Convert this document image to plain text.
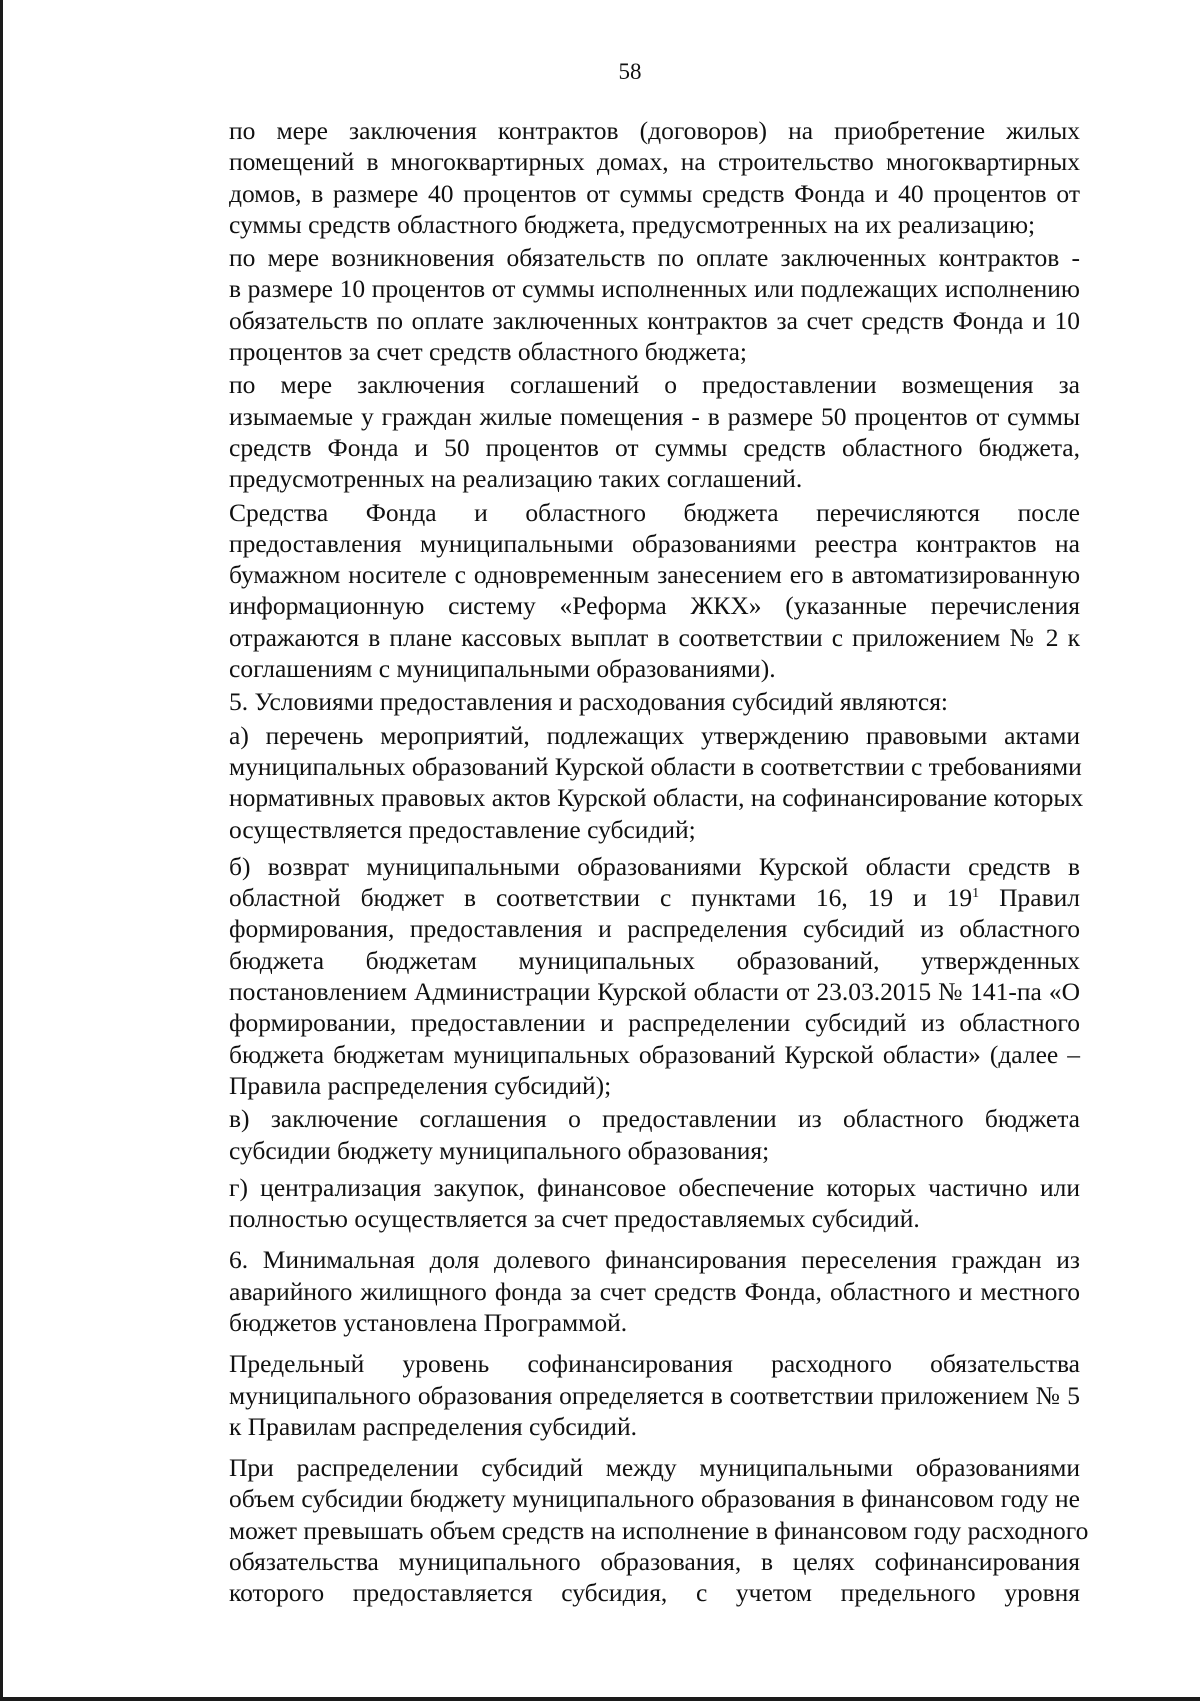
58

по мере заключения контрактов (договоров) на приобретение жилых
помещений в многоквартирных домах, на строительство многоквартирных
домов, в размере 40 процентов от суммы средств Фонда и 40 процентов от
суммы средств областного бюджета, предусмотренных на их реализацию;

по мере возникновения обязательств по оплате заключенных контрактов -
в размере 10 процентов от суммы исполненных или подлежащих исполнению
обязательств по оплате заключенных контрактов за счет средств Фонда и 10
процентов за счет средств областного бюджета;

по мере заключения соглашений о предоставлении возмещения за
изымаемые у граждан жилые помещения - в размере 50 процентов от суммы
средств Фонда и 50 процентов от суммы средств областного бюджета,
предусмотренных на реализацию таких соглашений.

Средства Фонда и областного бюджета перечисляются после
предоставления муниципальными образованиями реестра контрактов на
бумажном носителе с одновременным занесением его в автоматизированную
информационную систему «Реформа ЖКХ» (указанные перечисления
отражаются в плане кассовых выплат в соответствии с приложением № 2 к
соглашениям с муниципальными образованиями).

5. Условиями предоставления и расходования субсидий являются:

а) перечень мероприятий, подлежащих утверждению правовыми актами
муниципальных образований Курской области в соответствии с требованиями
нормативных правовых актов Курской области, на софинансирование которых
осуществляется предоставление субсидий;

б) возврат муниципальными образованиями Курской области средств в
областной бюджет в соответствии с пунктами 16, 19 и $19^1$ Правил
формирования, предоставления и распределения субсидий из областного
бюджета бюджетам муниципальных образований, утвержденных
постановлением Администрации Курской области от 23.03.2015 № 141-па «О
формировании, предоставлении и распределении субсидий из областного
бюджета бюджетам муниципальных образований Курской области» (далее –
Правила распределения субсидий);

в) заключение соглашения о предоставлении из областного бюджета
субсидии бюджету муниципального образования;

г) централизация закупок, финансовое обеспечение которых частично или
полностью осуществляется за счет предоставляемых субсидий.

6. Минимальная доля долевого финансирования переселения граждан из
аварийного жилищного фонда за счет средств Фонда, областного и местного
бюджетов установлена Программой.

Предельный уровень софинансирования расходного обязательства
муниципального образования определяется в соответствии приложением № 5
к Правилам распределения субсидий.

При распределении субсидий между муниципальными образованиями
объем субсидии бюджету муниципального образования в финансовом году не
может превышать объем средств на исполнение в финансовом году расходного
обязательства муниципального образования, в целях софинансирования
которого предоставляется субсидия, с учетом предельного уровня
